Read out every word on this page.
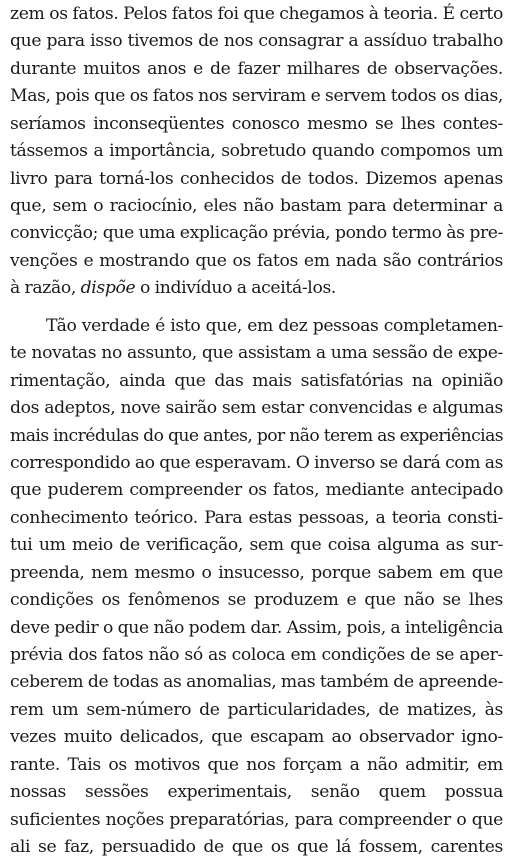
zem os fatos. Pelos fatos foi que chegamos à teoria. É certo
que para isso tivemos de nos consagrar a assíduo trabalho
durante muitos anos e de fazer milhares de observações.
Mas, pois que os fatos nos serviram e servem todos os dias,
seríamos inconseqüentes conosco mesmo se lhes contes-
tássemos a importância, sobretudo quando compomos um
livro para torná-los conhecidos de todos. Dizemos apenas
que, sem o raciocínio, eles não bastam para determinar a
convicção; que uma explicação prévia, pondo termo às pre-
venções e mostrando que os fatos em nada são contrários
à razão, dispõe o indivíduo a aceitá-los.
Tão verdade é isto que, em dez pessoas completamen-
te novatas no assunto, que assistam a uma sessão de expe-
rimentação, ainda que das mais satisfatórias na opinião
dos adeptos, nove sairão sem estar convencidas e algumas
mais incrédulas do que antes, por não terem as experiências
correspondido ao que esperavam. O inverso se dará com as
que puderem compreender os fatos, mediante antecipado
conhecimento teórico. Para estas pessoas, a teoria consti-
tui um meio de verificação, sem que coisa alguma as sur-
preenda, nem mesmo o insucesso, porque sabem em que
condições os fenômenos se produzem e que não se lhes
deve pedir o que não podem dar. Assim, pois, a inteligência
prévia dos fatos não só as coloca em condições de se aper-
ceberem de todas as anomalias, mas também de apreende-
rem um sem-número de particularidades, de matizes, às
vezes muito delicados, que escapam ao observador igno-
rante. Tais os motivos que nos forçam a não admitir, em
nossas sessões experimentais, senão quem possua
suficientes noções preparatórias, para compreender o que
ali se faz, persuadido de que os que lá fossem, carentes
